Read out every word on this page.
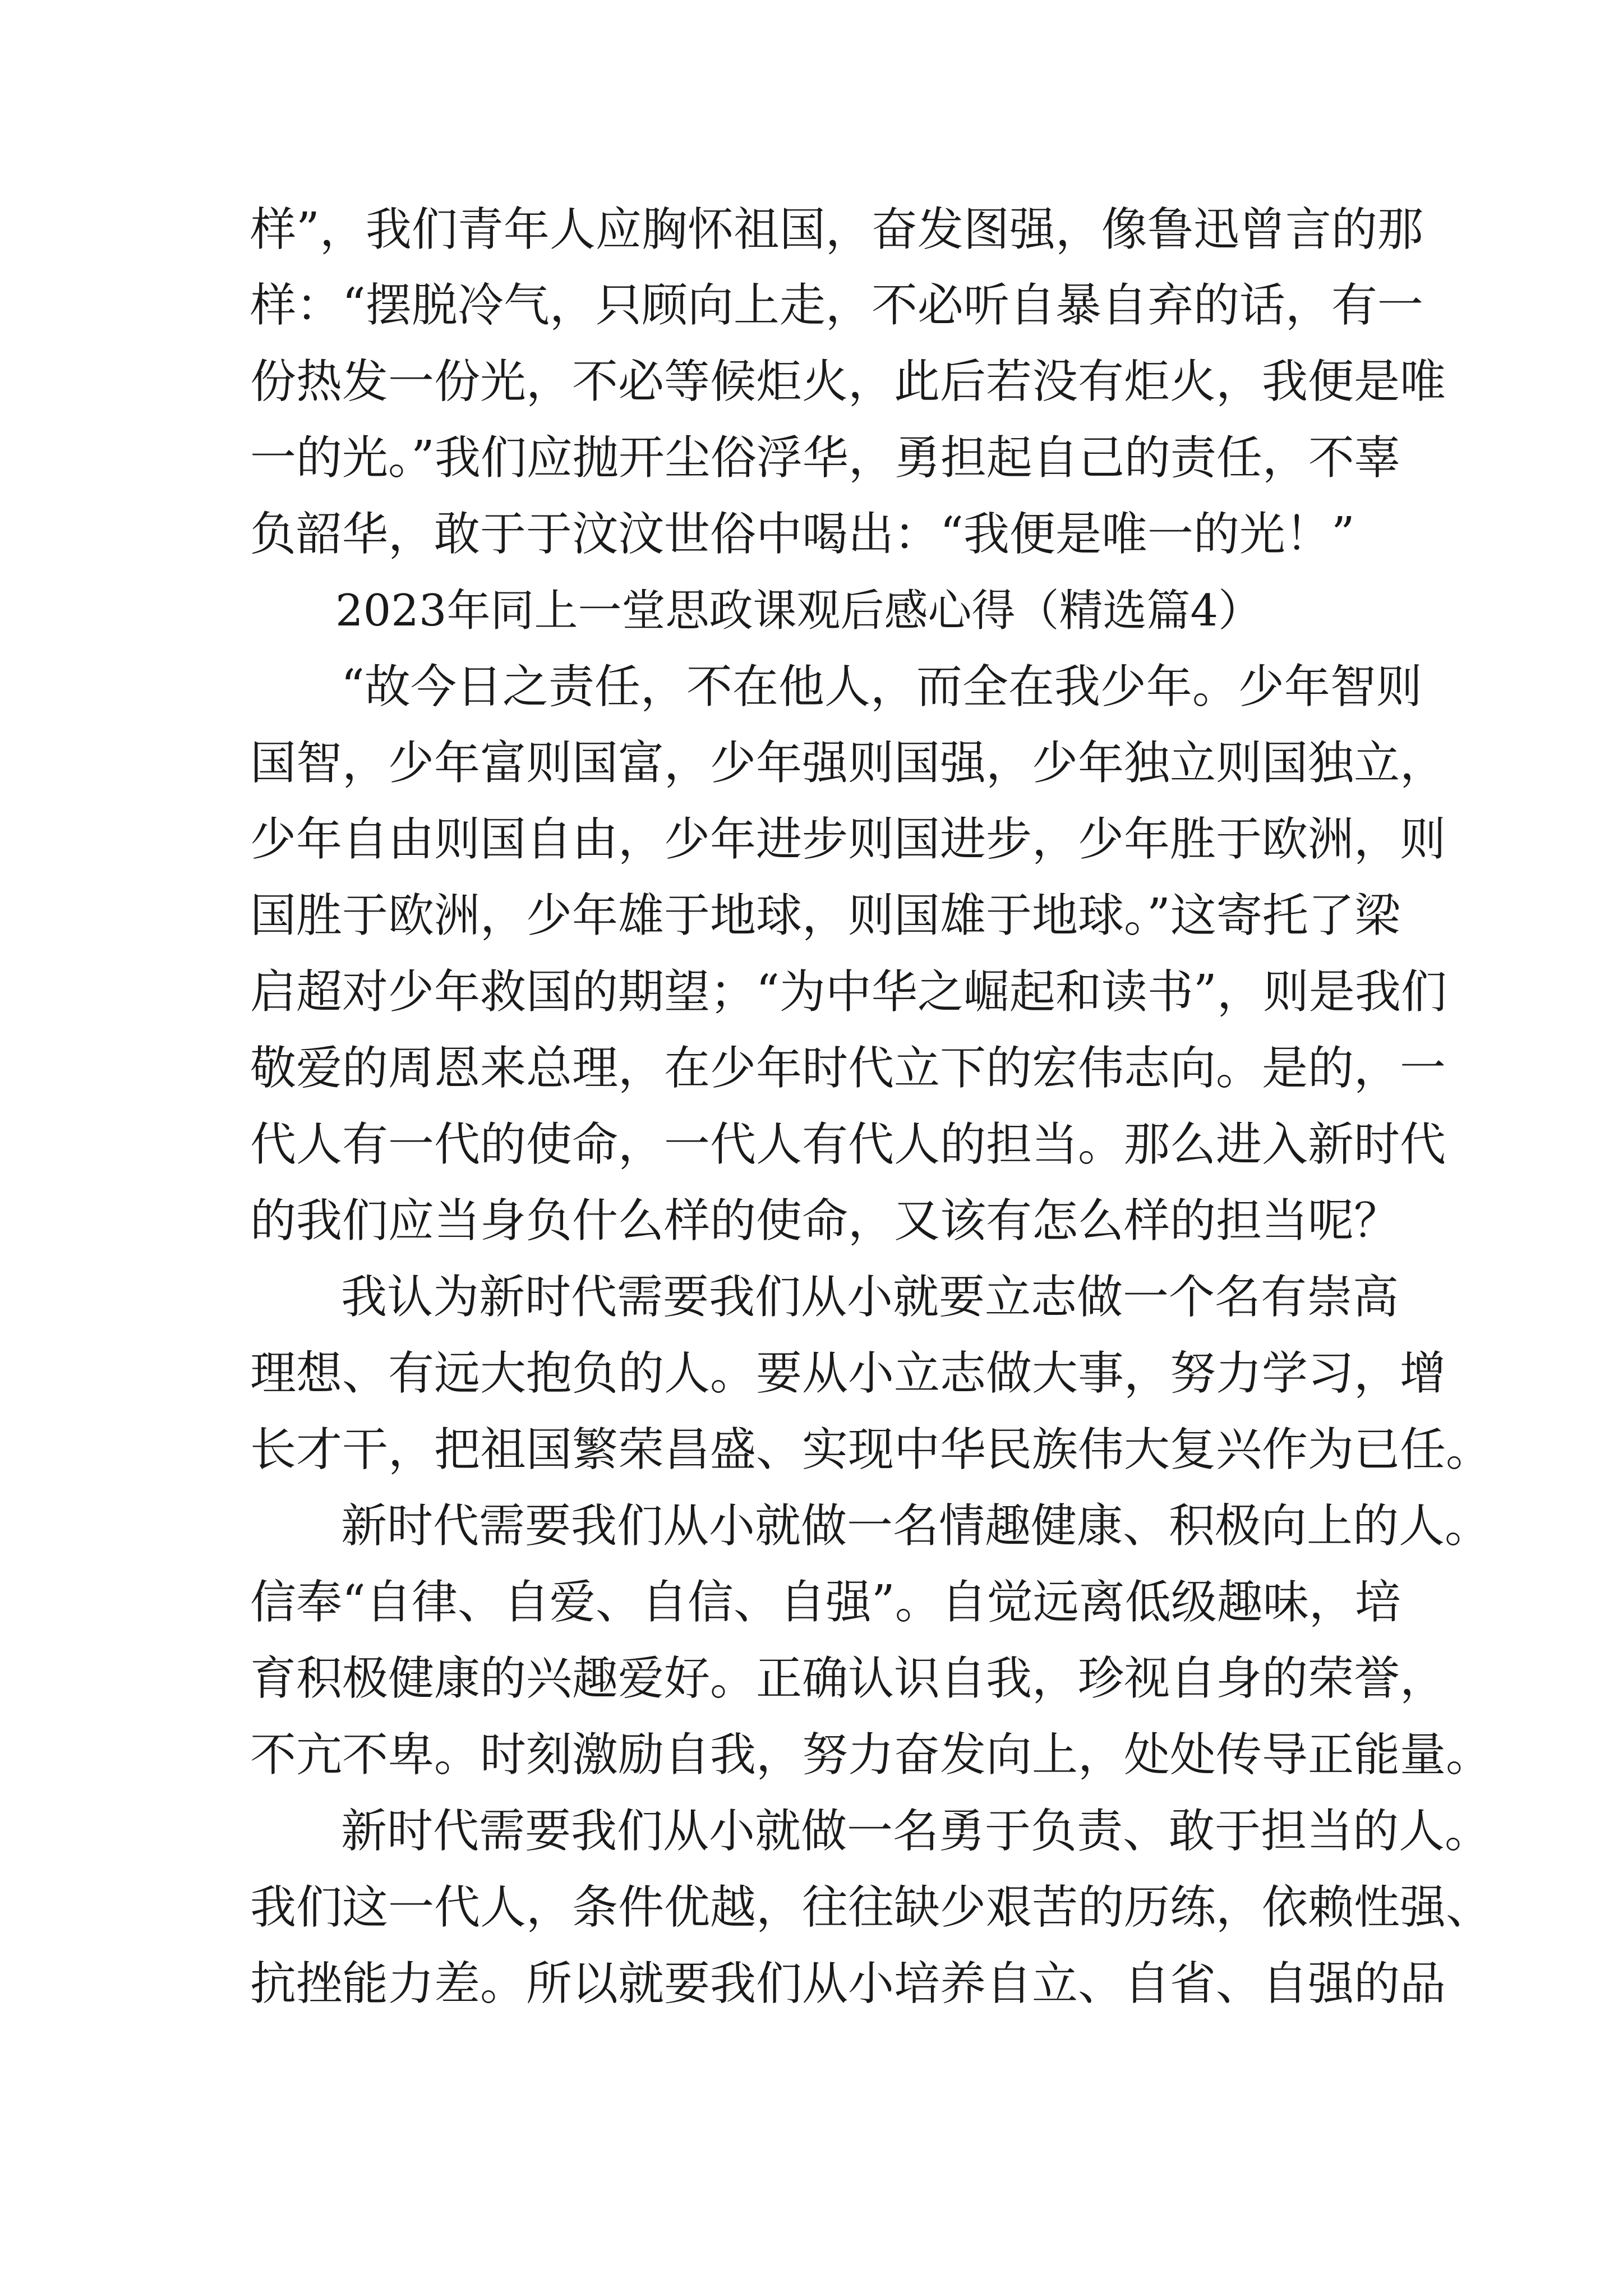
样”，我们青年人应胸怀祖国，奋发图强，像鲁迅曾言的那
样：“摆脱冷气，只顾向上走，不必听自暴自弃的话，有一
份热发一份光，不必等候炬火，此后若没有炬火，我便是唯
一的光。”我们应抛开尘俗浮华，勇担起自己的责任，不辜
负韶华，敢于于汶汶世俗中喝出：“我便是唯一的光！”
2023年同上一堂思政课观后感心得（精选篇4）
“故今日之责任，不在他人，而全在我少年。少年智则
国智，少年富则国富，少年强则国强，少年独立则国独立，
少年自由则国自由，少年进步则国进步，少年胜于欧洲，则
国胜于欧洲，少年雄于地球，则国雄于地球。”这寄托了梁
启超对少年救国的期望；“为中华之崛起和读书”，则是我们
敬爱的周恩来总理，在少年时代立下的宏伟志向。是的，一
代人有一代的使命，一代人有代人的担当。那么进入新时代
的我们应当身负什么样的使命，又该有怎么样的担当呢？
我认为新时代需要我们从小就要立志做一个名有崇高
理想、有远大抱负的人。要从小立志做大事，努力学习，增
长才干，把祖国繁荣昌盛、实现中华民族伟大复兴作为已任。
新时代需要我们从小就做一名情趣健康、积极向上的人。
信奉“自律、自爱、自信、自强”。自觉远离低级趣味，培
育积极健康的兴趣爱好。正确认识自我，珍视自身的荣誉，
不亢不卑。时刻激励自我，努力奋发向上，处处传导正能量。
新时代需要我们从小就做一名勇于负责、敢于担当的人。
我们这一代人，条件优越，往往缺少艰苦的历练，依赖性强、
抗挫能力差。所以就要我们从小培养自立、自省、自强的品
